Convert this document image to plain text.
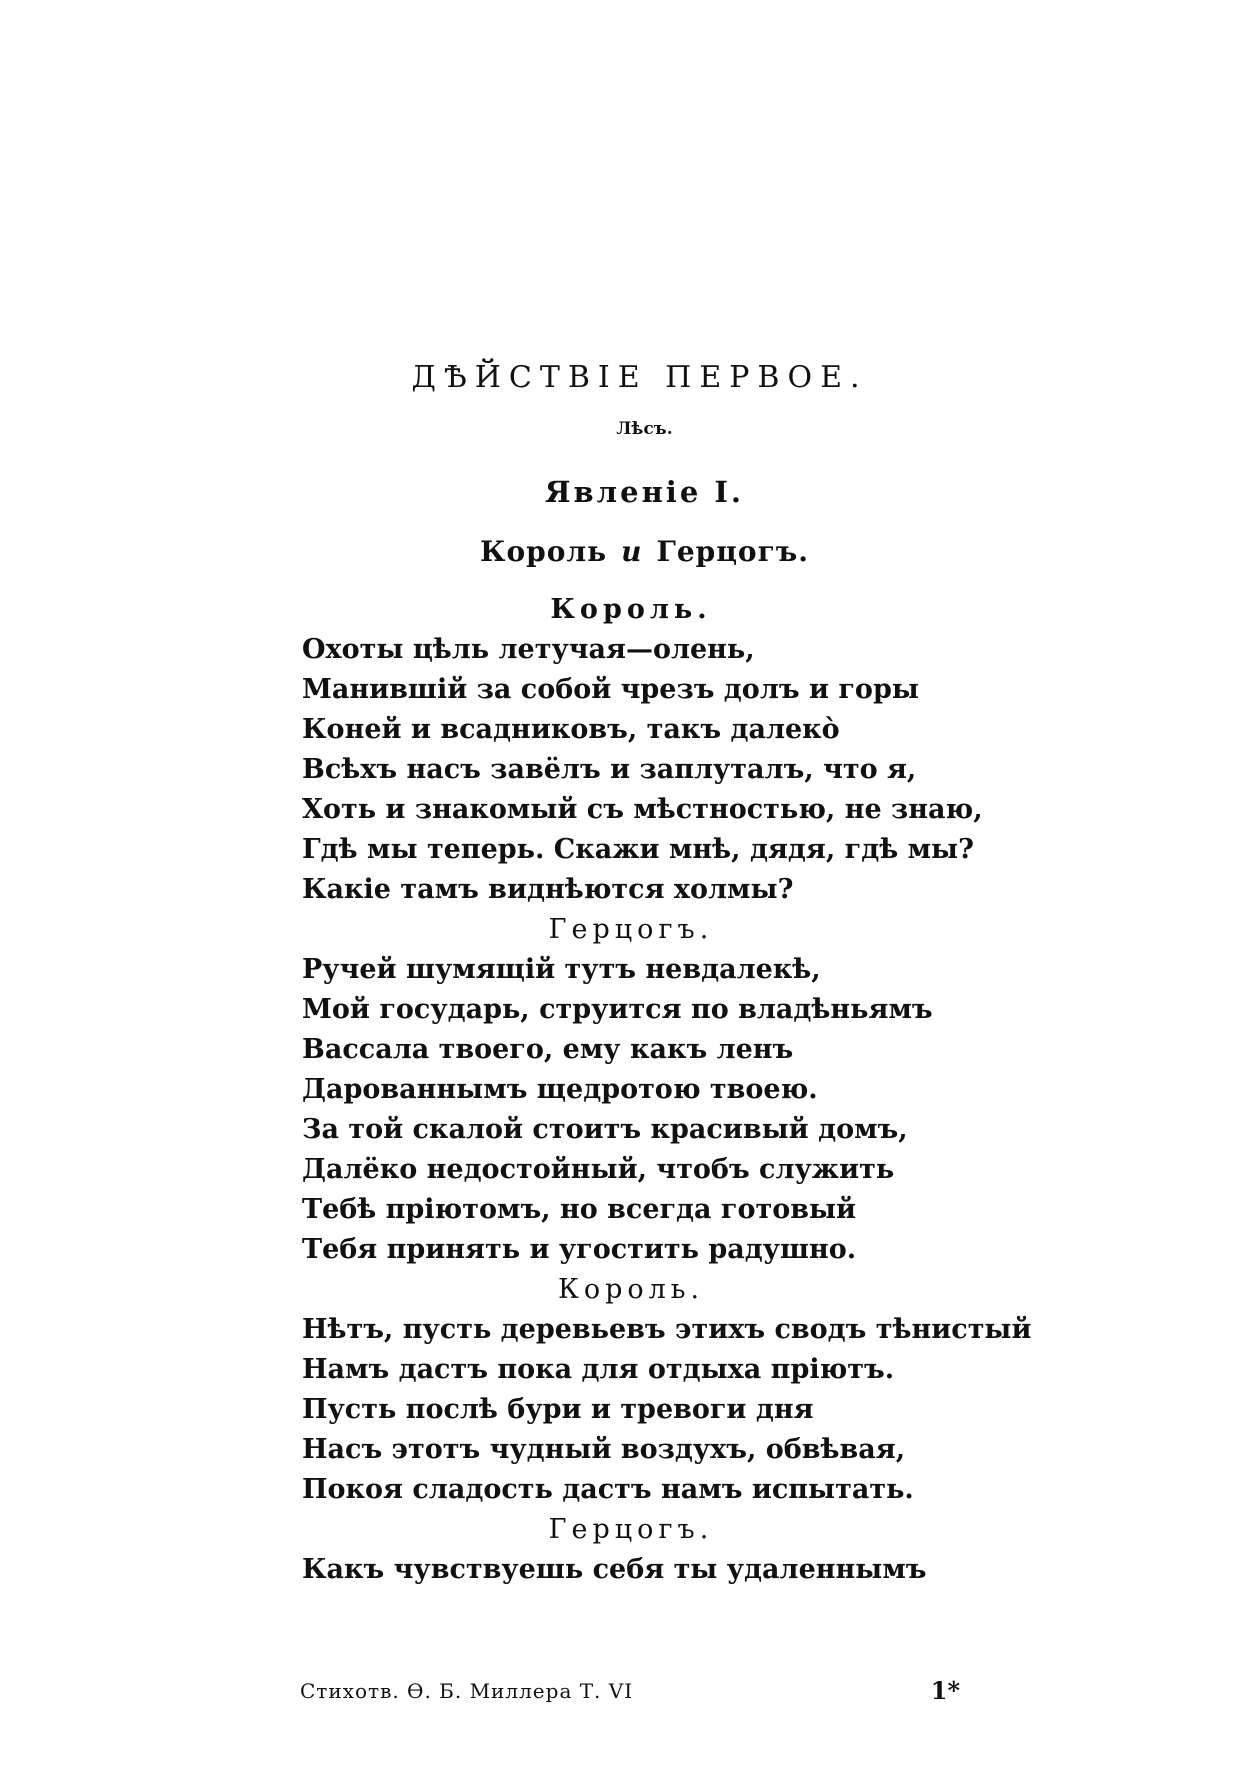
ДѢЙСТВІЕ ПЕРВОЕ.
Лѣсъ.
Явленіе I.
Король и Герцогъ.
Король.
Охоты цѣль летучая—олень,
Манившій за собой чрезъ долъ и горы
Коней и всадниковъ, такъ далекò
Всѣхъ насъ завёлъ и заплуталъ, что я,
Хоть и знакомый съ мѣстностью, не знаю,
Гдѣ мы теперь. Скажи мнѣ, дядя, гдѣ мы?
Какіе тамъ виднѣются холмы?
Герцогъ.
Ручей шумящій тутъ невдалекѣ,
Мой государь, струится по владѣньямъ
Вассала твоего, ему какъ ленъ
Дарованнымъ щедротою твоею.
За той скалой стоитъ красивый домъ,
Далёко недостойный, чтобъ служить
Тебѣ пріютомъ, но всегда готовый
Тебя принять и угостить радушно.
Король.
Нѣтъ, пусть деревьевъ этихъ сводъ тѣнистый
Намъ дастъ пока для отдыха пріютъ.
Пусть послѣ бури и тревоги дня
Насъ этотъ чудный воздухъ, обвѣвая,
Покоя сладость дастъ намъ испытать.
Герцогъ.
Какъ чувствуешь себя ты удаленнымъ
Стихотв. Ѳ. Б. Миллера Т. VI	1*
